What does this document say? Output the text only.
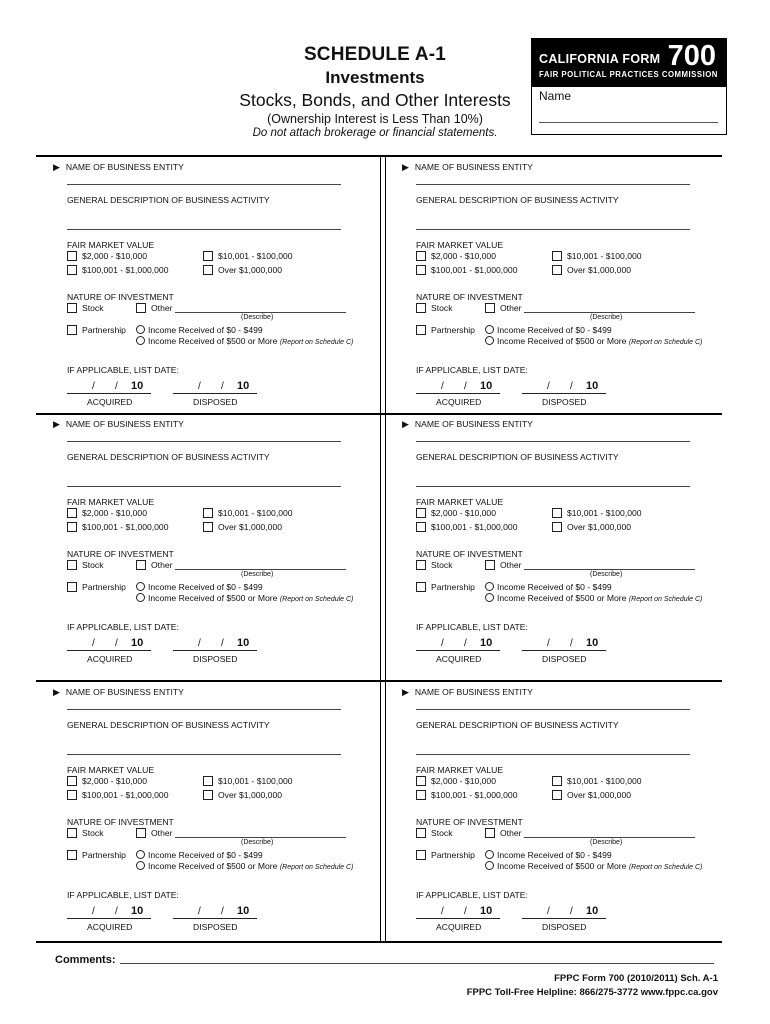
SCHEDULE A-1
Investments
Stocks, Bonds, and Other Interests
(Ownership Interest is Less Than 10%)
Do not attach brokerage or financial statements.
CALIFORNIA FORM 700
FAIR POLITICAL PRACTICES COMMISSION
Name
▶ NAME OF BUSINESS ENTITY
GENERAL DESCRIPTION OF BUSINESS ACTIVITY
FAIR MARKET VALUE
$2,000 - $10,000	$10,001 - $100,000
$100,001 - $1,000,000	Over $1,000,000
NATURE OF INVESTMENT
Stock	Other
(Describe)
Partnership	Income Received of $0 - $499
Income Received of $500 or More (Report on Schedule C)
IF APPLICABLE, LIST DATE:
/ / 10
ACQUIRED
/ / 10
DISPOSED
▶ NAME OF BUSINESS ENTITY
GENERAL DESCRIPTION OF BUSINESS ACTIVITY
FAIR MARKET VALUE
$2,000 - $10,000	$10,001 - $100,000
$100,001 - $1,000,000	Over $1,000,000
NATURE OF INVESTMENT
Stock	Other
(Describe)
Partnership	Income Received of $0 - $499
Income Received of $500 or More (Report on Schedule C)
IF APPLICABLE, LIST DATE:
/ / 10
ACQUIRED
/ / 10
DISPOSED
▶ NAME OF BUSINESS ENTITY
GENERAL DESCRIPTION OF BUSINESS ACTIVITY
FAIR MARKET VALUE
$2,000 - $10,000	$10,001 - $100,000
$100,001 - $1,000,000	Over $1,000,000
NATURE OF INVESTMENT
Stock	Other
(Describe)
Partnership	Income Received of $0 - $499
Income Received of $500 or More (Report on Schedule C)
IF APPLICABLE, LIST DATE:
/ / 10
ACQUIRED
/ / 10
DISPOSED
▶ NAME OF BUSINESS ENTITY
GENERAL DESCRIPTION OF BUSINESS ACTIVITY
FAIR MARKET VALUE
$2,000 - $10,000	$10,001 - $100,000
$100,001 - $1,000,000	Over $1,000,000
NATURE OF INVESTMENT
Stock	Other
(Describe)
Partnership	Income Received of $0 - $499
Income Received of $500 or More (Report on Schedule C)
IF APPLICABLE, LIST DATE:
/ / 10
ACQUIRED
/ / 10
DISPOSED
▶ NAME OF BUSINESS ENTITY
GENERAL DESCRIPTION OF BUSINESS ACTIVITY
FAIR MARKET VALUE
$2,000 - $10,000	$10,001 - $100,000
$100,001 - $1,000,000	Over $1,000,000
NATURE OF INVESTMENT
Stock	Other
(Describe)
Partnership	Income Received of $0 - $499
Income Received of $500 or More (Report on Schedule C)
IF APPLICABLE, LIST DATE:
/ / 10
ACQUIRED
/ / 10
DISPOSED
▶ NAME OF BUSINESS ENTITY
GENERAL DESCRIPTION OF BUSINESS ACTIVITY
FAIR MARKET VALUE
$2,000 - $10,000	$10,001 - $100,000
$100,001 - $1,000,000	Over $1,000,000
NATURE OF INVESTMENT
Stock	Other
(Describe)
Partnership	Income Received of $0 - $499
Income Received of $500 or More (Report on Schedule C)
IF APPLICABLE, LIST DATE:
/ / 10
ACQUIRED
/ / 10
DISPOSED
Comments:
FPPC Form 700 (2010/2011) Sch. A-1
FPPC Toll-Free Helpline: 866/275-3772 www.fppc.ca.gov
